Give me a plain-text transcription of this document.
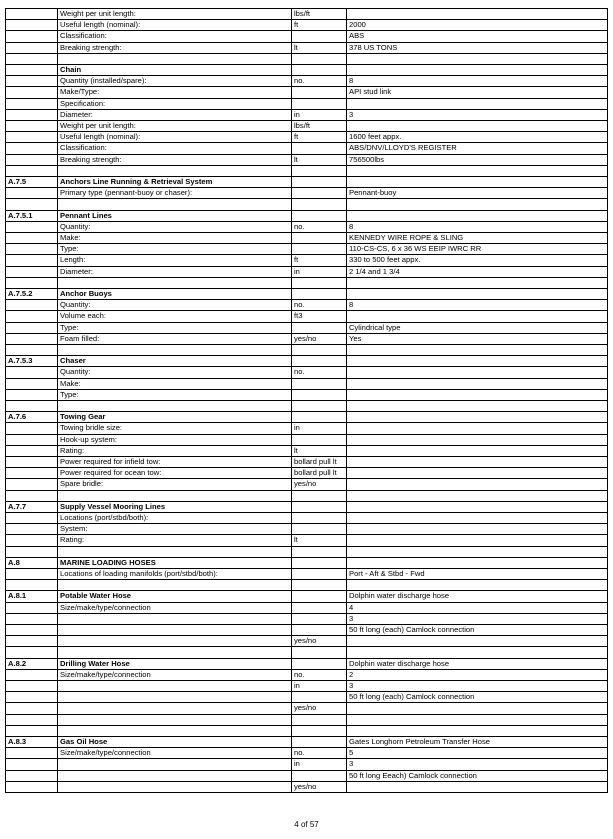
	Weight per unit length:	lbs/ft	
	Useful length (nominal):	ft	2000
	Classification:		ABS
	Breaking strength:	lt	378 US TONS

	Chain		
	Quantity (installed/spare):	no.	8
	Make/Type:		API stud link
	Specification:		
	Diameter:	in	3
	Weight per unit length:	lbs/ft	
	Useful length (nominal):	ft	1600 feet appx.
	Classification:		ABS/DNV/LLOYD'S REGISTER
	Breaking strength:	lt	756500lbs

A.7.5	Anchors Line Running & Retrieval System		
	Primary type (pennant-buoy or chaser):		Pennant-buoy

A.7.5.1	Pennant Lines		
	Quantity:	no.	8
	Make:		KENNEDY WIRE ROPE & SLING
	Type:		110-CS-CS, 6 x 36 WS EEIP IWRC RR
	Length:	ft	330 to 500 feet appx.
	Diameter:	in	2 1/4 and 1 3/4

A.7.5.2	Anchor Buoys		
	Quantity:	no.	8
	Volume each:	ft3	
	Type:		Cylindrical type
	Foam filled:	yes/no	Yes

A.7.5.3	Chaser		
	Quantity:	no.	
	Make:		
	Type:		

A.7.6	Towing Gear		
	Towing bridle size:	in	
	Hook-up system:		
	Rating:	lt	
	Power required for infield tow:	bollard pull lt	
	Power required for ocean tow:	bollard pull lt	
	Spare bridle:	yes/no	

A.7.7	Supply Vessel Mooring Lines		
	Locations (port/stbd/both):		
	System:		
	Rating:	lt	

A.8	MARINE LOADING HOSES		
	Locations of loading manifolds (port/stbd/both):		Port - Aft & Stbd - Fwd

A.8.1	Potable Water Hose		Dolphin water discharge hose
	Size/make/type/connection		4
			3
			50 ft long (each) Camlock connection
		yes/no	

A.8.2	Drilling Water Hose		Dolphin water discharge hose
	Size/make/type/connection	no.	2
		in	3
			50 ft long (each) Camlock connection
		yes/no	

A.8.3	Gas Oil Hose		Gates Longhorn Petroleum Transfer Hose
	Size/make/type/connection	no.	5
		in	3
			50 ft long Eeach) Camlock connection
		yes/no	
4 of 57
